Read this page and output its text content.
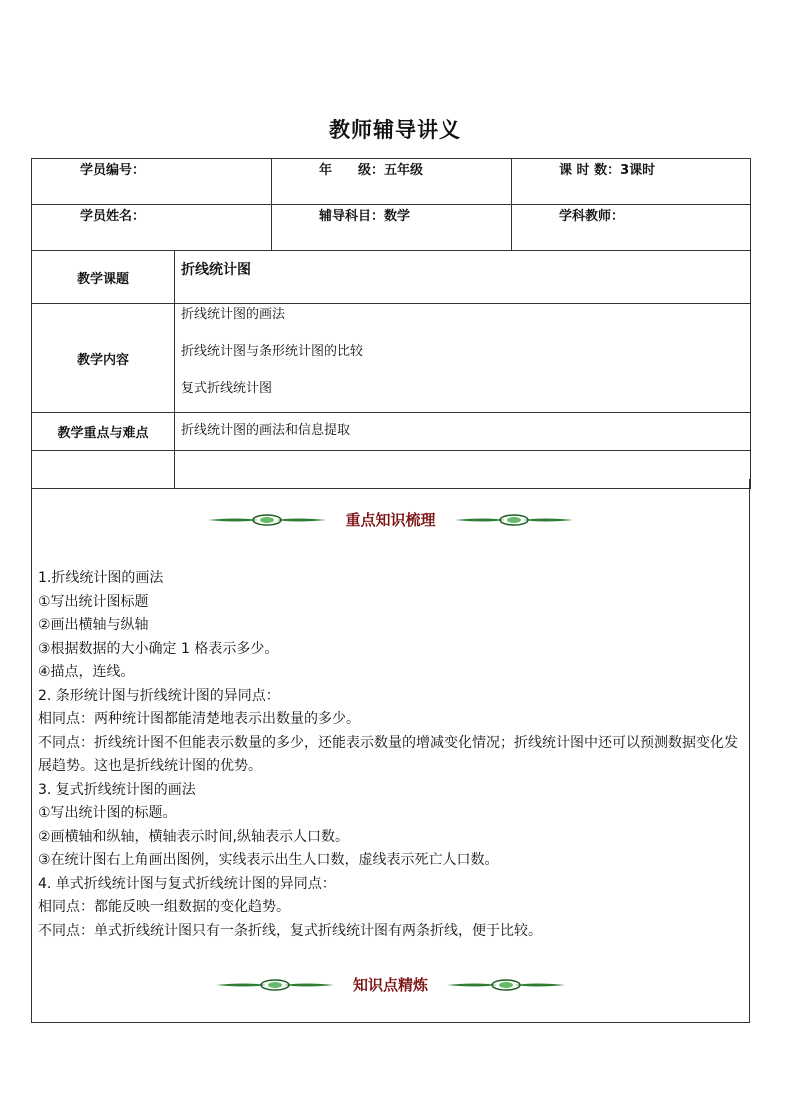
教师辅导讲义
学员编号：		年　　级：五年级	课 时 数：3课时

学员姓名：		辅导科目：数学	学科教师：

教学课题	折线统计图		
教学内容	折线统计图的画法
折线统计图与条形统计图的比较
复式折线统计图		

教学重点与难点	折线统计图的画法和信息提取		

重点知识梳理

1.折线统计图的画法

①写出统计图标题

②画出横轴与纵轴

③根据数据的大小确定 1 格表示多少。

④描点，连线。

2. 条形统计图与折线统计图的异同点：

相同点：两种统计图都能清楚地表示出数量的多少。

不同点：折线统计图不但能表示数量的多少，还能表示数量的增减变化情况；折线统计图中还可以预测数据变化发展趋势。这也是折线统计图的优势。

3. 复式折线统计图的画法

①写出统计图的标题。

②画横轴和纵轴，横轴表示时间,纵轴表示人口数。

③在统计图右上角画出图例，实线表示出生人口数，虚线表示死亡人口数。

4. 单式折线统计图与复式折线统计图的异同点：

相同点：都能反映一组数据的变化趋势。

不同点：单式折线统计图只有一条折线，复式折线统计图有两条折线，便于比较。

知识点精炼
